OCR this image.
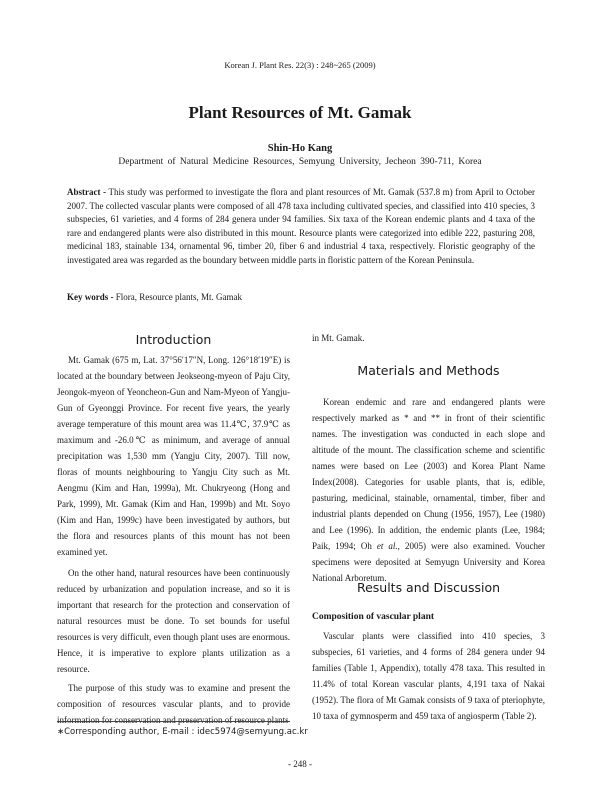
Korean J. Plant Res. 22(3) : 248~265 (2009)
Plant Resources of Mt. Gamak
Shin-Ho Kang
Department of Natural Medicine Resources, Semyung University, Jecheon 390-711, Korea
Abstract - This study was performed to investigate the flora and plant resources of Mt. Gamak (537.8 m) from April to October 2007. The collected vascular plants were composed of all 478 taxa including cultivated species, and classified into 410 species, 3 subspecies, 61 varieties, and 4 forms of 284 genera under 94 families. Six taxa of the Korean endemic plants and 4 taxa of the rare and endangered plants were also distributed in this mount. Resource plants were categorized into edible 222, pasturing 208, medicinal 183, stainable 134, ornamental 96, timber 20, fiber 6 and industrial 4 taxa, respectively. Floristic geography of the investigated area was regarded as the boundary between middle parts in floristic pattern of the Korean Peninsula.
Key words - Flora, Resource plants, Mt. Gamak
Introduction

Mt. Gamak (675 m, Lat. 37°56′17″N, Long. 126°18′19″E) is located at the boundary between Jeokseong-myeon of Paju City, Jeongok-myeon of Yeoncheon-Gun and Nam-Myeon of Yangju-Gun of Gyeonggi Province. For recent five years, the yearly average temperature of this mount area was 11.4℃, 37.9℃ as maximum and -26.0℃ as minimum, and average of annual precipitation was 1,530 mm (Yangju City, 2007). Till now, floras of mounts neighbouring to Yangju City such as Mt. Aengmu (Kim and Han, 1999a), Mt. Chukryeong (Hong and Park, 1999), Mt. Gamak (Kim and Han, 1999b) and Mt. Soyo (Kim and Han, 1999c) have been investigated by authors, but the flora and resources plants of this mount has not been examined yet.

On the other hand, natural resources have been continuously reduced by urbanization and population increase, and so it is important that research for the protection and conservation of natural resources must be done. To set bounds for useful resources is very difficult, even though plant uses are enormous. Hence, it is imperative to explore plants utilization as a resource.

The purpose of this study was to examine and present the composition of resources vascular plants, and to provide information for conservation and preservation of resource plants

in Mt. Gamak.
Materials and Methods

Korean endemic and rare and endangered plants were respectively marked as * and ** in front of their scientific names. The investigation was conducted in each slope and altitude of the mount. The classification scheme and scientific names were based on Lee (2003) and Korea Plant Name Index(2008). Categories for usable plants, that is, edible, pasturing, medicinal, stainable, ornamental, timber, fiber and industrial plants depended on Chung (1956, 1957), Lee (1980) and Lee (1996). In addition, the endemic plants (Lee, 1984; Paik, 1994; Oh et al., 2005) were also examined. Voucher specimens were deposited at Semyugn University and Korea National Arboretum.

Results and Discussion
Composition of vascular plant

Vascular plants were classified into 410 species, 3 subspecies, 61 varieties, and 4 forms of 284 genera under 94 families (Table 1, Appendix), totally 478 taxa. This resulted in 11.4% of total Korean vascular plants, 4,191 taxa of Nakai (1952). The flora of Mt Gamak consists of 9 taxa of pteriophyte, 10 taxa of gymnosperm and 459 taxa of angiosperm (Table 2).

∗Corresponding author, E-mail : idec5974@semyung.ac.kr
- 248 -
